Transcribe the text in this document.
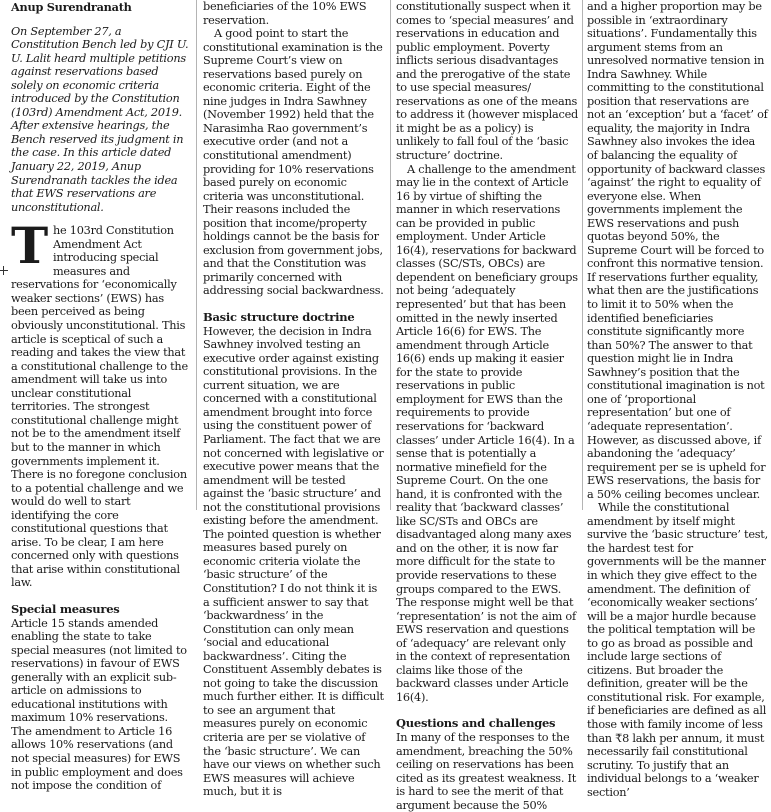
Anup Surendranath

On September 27, a Constitution Bench led by CJI U. U. Lalit heard multiple petitions against reservations based solely on economic criteria introduced by the Constitution (103rd) Amendment Act, 2019. After extensive hearings, the Bench reserved its judgment in the case. In this article dated January 22, 2019, Anup Surendranath tackles the idea that EWS reservations are unconstitutional.

T he 103rd Constitution Amendment Act introducing special measures and reservations for ‘economically weaker sections’ (EWS) has been perceived as being obviously unconstitutional. This article is sceptical of such a reading and takes the view that a constitutional challenge to the amendment will take us into unclear constitutional territories. The strongest constitutional challenge might not be to the amendment itself but to the manner in which governments implement it. There is no foregone conclusion to a potential challenge and we would do well to start identifying the core constitutional questions that arise. To be clear, I am here concerned only with questions that arise within constitutional law.

Special measures

Article 15 stands amended enabling the state to take special measures (not limited to reservations) in favour of EWS generally with an explicit sub-article on admissions to educational institutions with maximum 10% reservations. The amendment to Article 16 allows 10% reservations (and not special measures) for EWS in public employment and does not impose the condition of

beneficiaries of the 10% EWS reservation.

A good point to start the constitutional examination is the Supreme Court’s view on reservations based purely on economic criteria. Eight of the nine judges in Indra Sawhney (November 1992) held that the Narasimha Rao government’s executive order (and not a constitutional amendment) providing for 10% reservations based purely on economic criteria was unconstitutional. Their reasons included the position that income/property holdings cannot be the basis for exclusion from government jobs, and that the Constitution was primarily concerned with addressing social backwardness.

Basic structure doctrine

However, the decision in Indra Sawhney involved testing an executive order against existing constitutional provisions. In the current situation, we are concerned with a constitutional amendment brought into force using the constituent power of Parliament. The fact that we are not concerned with legislative or executive power means that the amendment will be tested against the ‘basic structure’ and not the constitutional provisions existing before the amendment. The pointed question is whether measures based purely on economic criteria violate the ‘basic structure’ of the Constitution? I do not think it is a sufficient answer to say that ‘backwardness’ in the Constitution can only mean ‘social and educational backwardness’. Citing the Constituent Assembly debates is not going to take the discussion much further either. It is difficult to see an argument that measures purely on economic criteria are per se violative of the ‘basic structure’. We can have our views on whether such EWS measures will achieve much, but it is

constitutionally suspect when it comes to ‘special measures’ and reservations in education and public employment. Poverty inflicts serious disadvantages and the prerogative of the state to use special measures/ reservations as one of the means to address it (however misplaced it might be as a policy) is unlikely to fall foul of the ‘basic structure’ doctrine.

A challenge to the amendment may lie in the context of Article 16 by virtue of shifting the manner in which reservations can be provided in public employment. Under Article 16(4), reservations for backward classes (SC/STs, OBCs) are dependent on beneficiary groups not being ‘adequately represented’ but that has been omitted in the newly inserted Article 16(6) for EWS. The amendment through Article 16(6) ends up making it easier for the state to provide reservations in public employment for EWS than the requirements to provide reservations for ‘backward classes’ under Article 16(4). In a sense that is potentially a normative minefield for the Supreme Court. On the one hand, it is confronted with the reality that ‘backward classes’ like SC/STs and OBCs are disadvantaged along many axes and on the other, it is now far more difficult for the state to provide reservations to these groups compared to the EWS. The response might well be that ‘representation’ is not the aim of EWS reservation and questions of ‘adequacy’ are relevant only in the context of representation claims like those of the backward classes under Article 16(4).

Questions and challenges

In many of the responses to the amendment, breaching the 50% ceiling on reservations has been cited as its greatest weakness. It is hard to see the merit of that argument because the 50%

and a higher proportion may be possible in ‘extraordinary situations’. Fundamentally this argument stems from an unresolved normative tension in Indra Sawhney. While committing to the constitutional position that reservations are not an ‘exception’ but a ‘facet’ of equality, the majority in Indra Sawhney also invokes the idea of balancing the equality of opportunity of backward classes ‘against’ the right to equality of everyone else. When governments implement the EWS reservations and push quotas beyond 50%, the Supreme Court will be forced to confront this normative tension. If reservations further equality, what then are the justifications to limit it to 50% when the identified beneficiaries constitute significantly more than 50%? The answer to that question might lie in Indra Sawhney’s position that the constitutional imagination is not one of ‘proportional representation’ but one of ‘adequate representation’. However, as discussed above, if abandoning the ‘adequacy’ requirement per se is upheld for EWS reservations, the basis for a 50% ceiling becomes unclear.

While the constitutional amendment by itself might survive the ‘basic structure’ test, the hardest test for governments will be the manner in which they give effect to the amendment. The definition of ‘economically weaker sections’ will be a major hurdle because the political temptation will be to go as broad as possible and include large sections of citizens. But broader the definition, greater will be the constitutional risk. For example, if beneficiaries are defined as all those with family income of less than ₹8 lakh per annum, it must necessarily fail constitutional scrutiny. To justify that an individual belongs to a ‘weaker section’
